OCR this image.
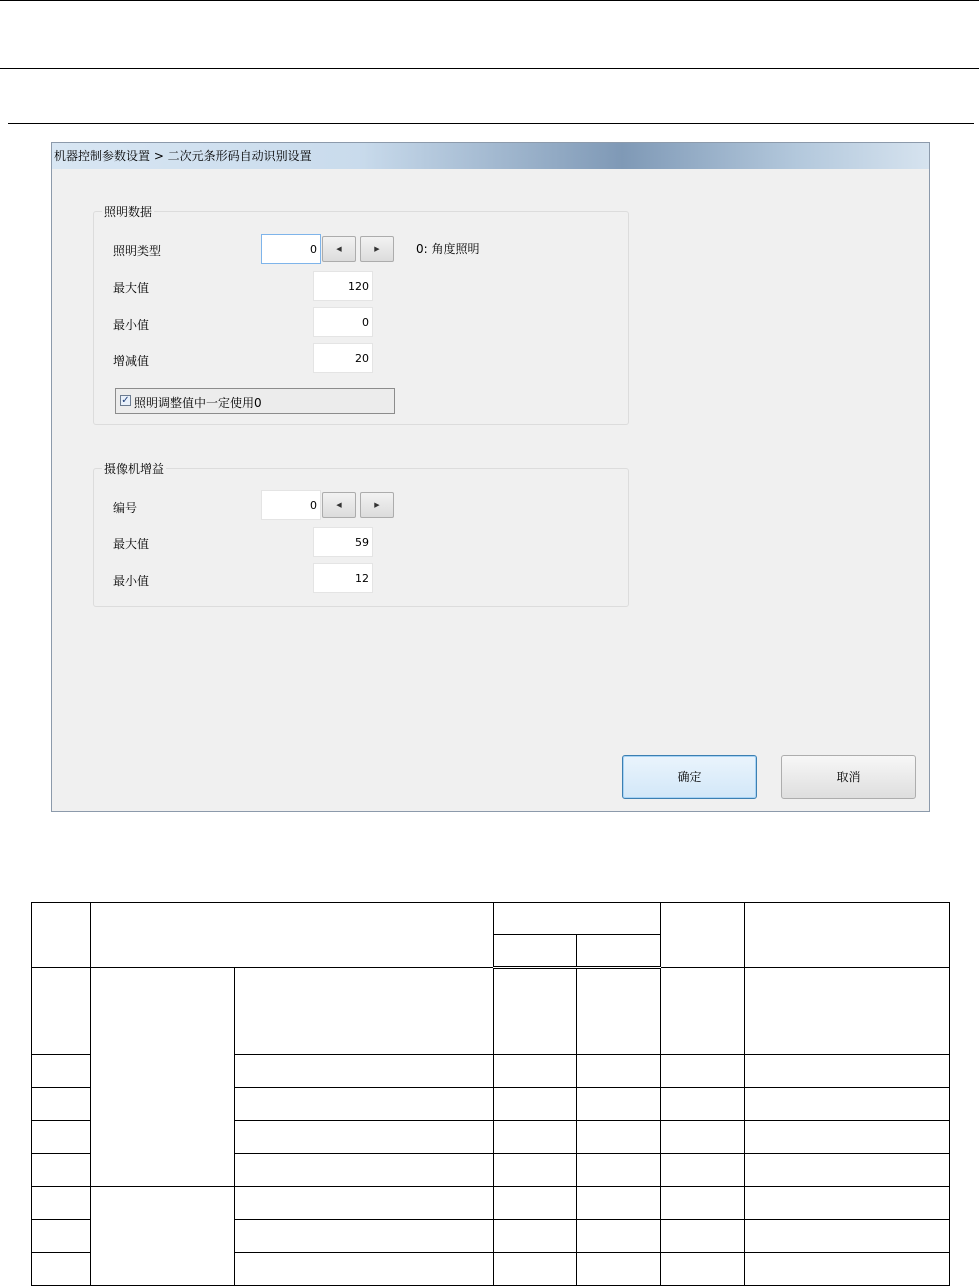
机器控制参数设置 > 二次元条形码自动识别设置
照明数据
照明类型	0	◀	▶	0: 角度照明
最大值	120
最小值	0
增减值	20
✓ 照明调整值中一定使用0
摄像机增益
编号	0	◀	▶
最大值	59
最小值	12
确定	取消
